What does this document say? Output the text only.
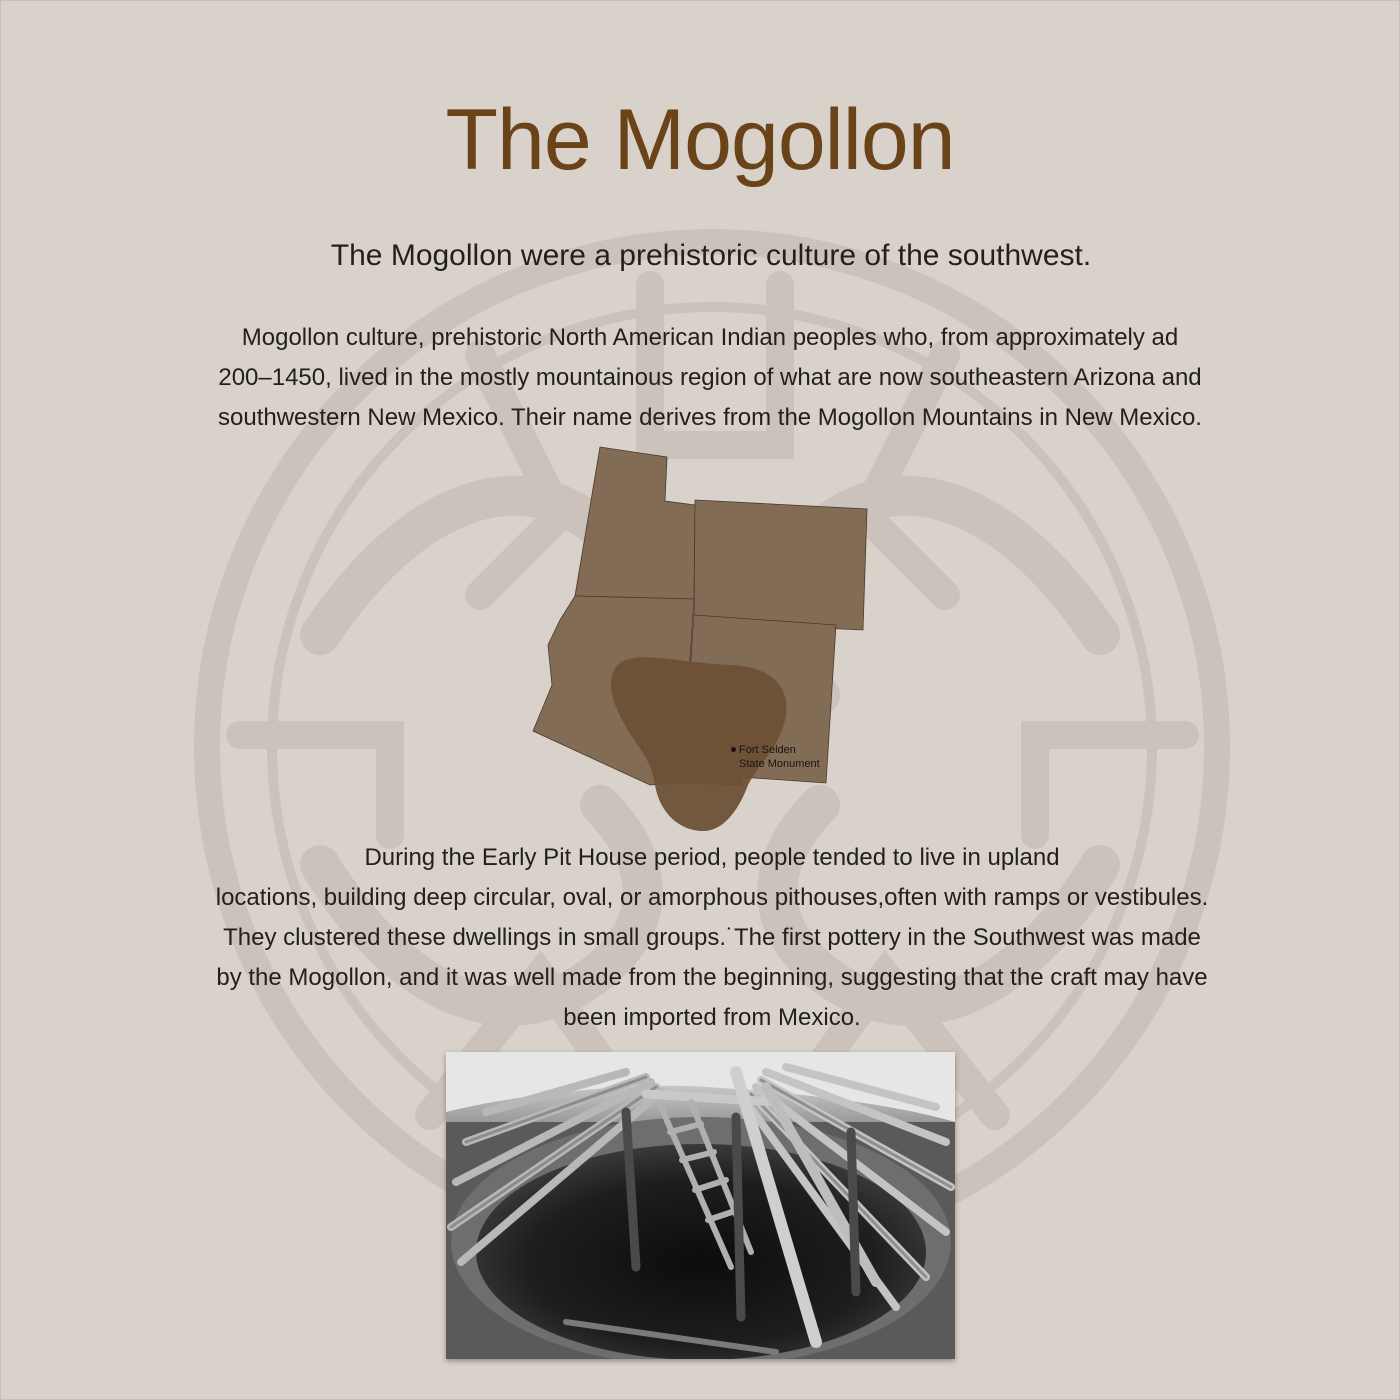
The Mogollon
The Mogollon were a prehistoric culture of the southwest.
Mogollon culture, prehistoric North American Indian peoples who, from approximately ad
200–1450, lived in the mostly mountainous region of what are now southeastern Arizona and
southwestern New Mexico. Their name derives from the Mogollon Mountains in New Mexico.
Fort Selden
State Monument
During the Early Pit House period, people tended to live in upland
locations, building deep circular, oval, or amorphous pithouses,often with ramps or vestibules.
They clustered these dwellings in small groups.˙The first pottery in the Southwest was made
by the Mogollon, and it was well made from the beginning, suggesting that the craft may have
been imported from Mexico.
